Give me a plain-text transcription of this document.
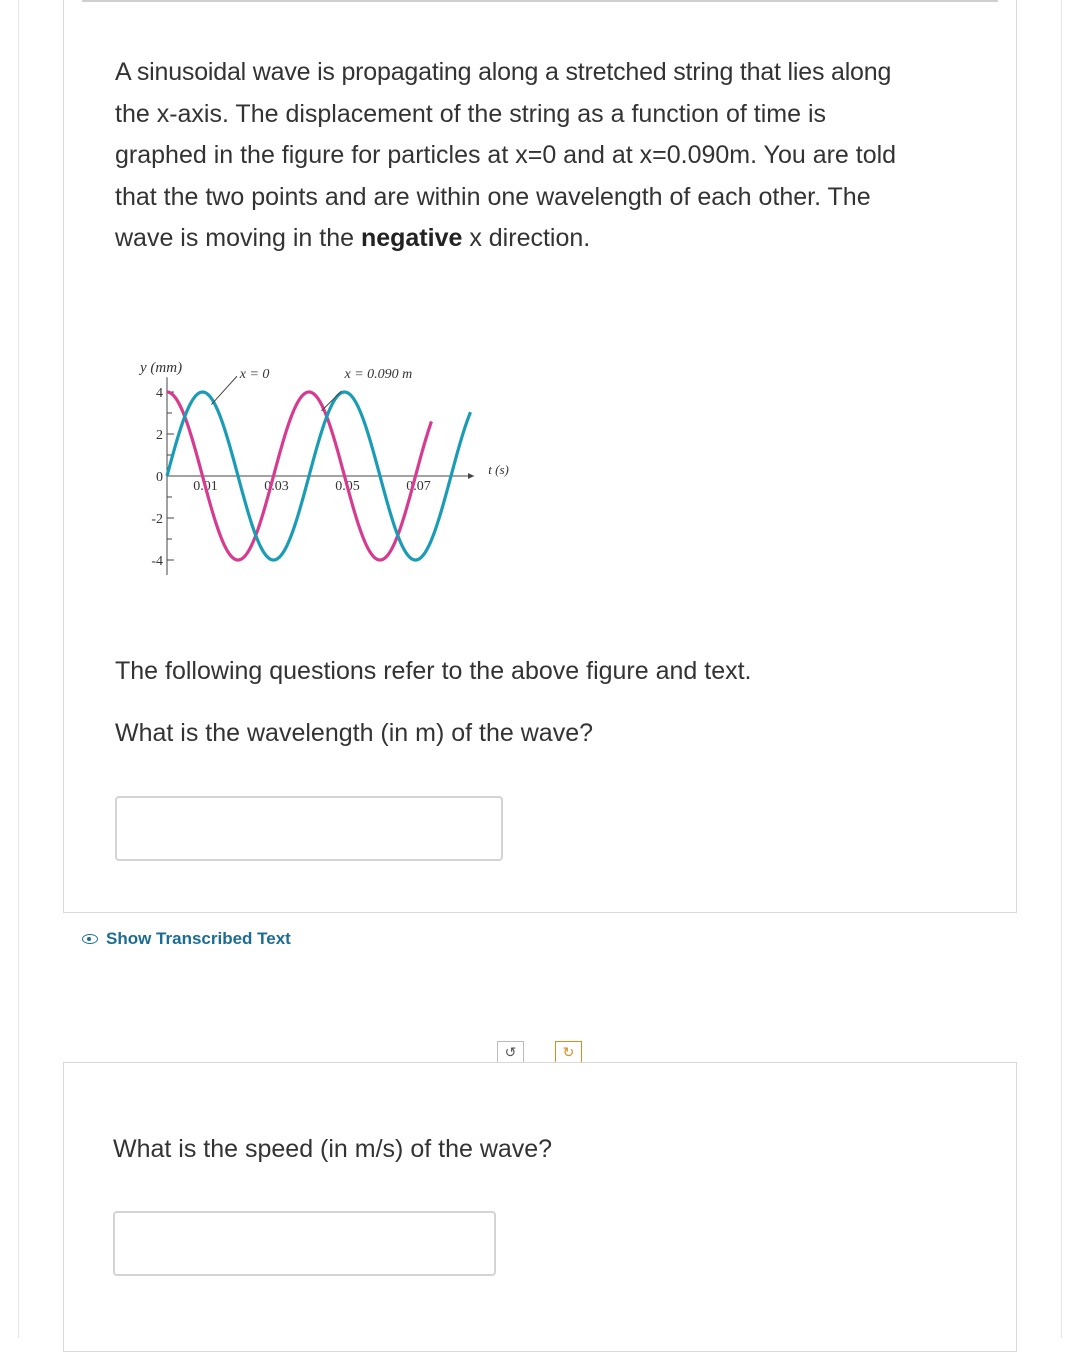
A sinusoidal wave is propagating along a stretched string that lies along
the x-axis. The displacement of the string as a function of time is
graphed in the figure for particles at x=0 and at x=0.090m. You are told
that the two points and are within one wavelength of each other. The
wave is moving in the negative x direction.
4
2
0
-2
-4
0.01	0.03	0.05	0.07
y (mm)
t (s)
x = 0	x = 0.090 m
The following questions refer to the above figure and text.
What is the wavelength (in m) of the wave?
Show Transcribed Text
↺	↻
What is the speed (in m/s) of the wave?
